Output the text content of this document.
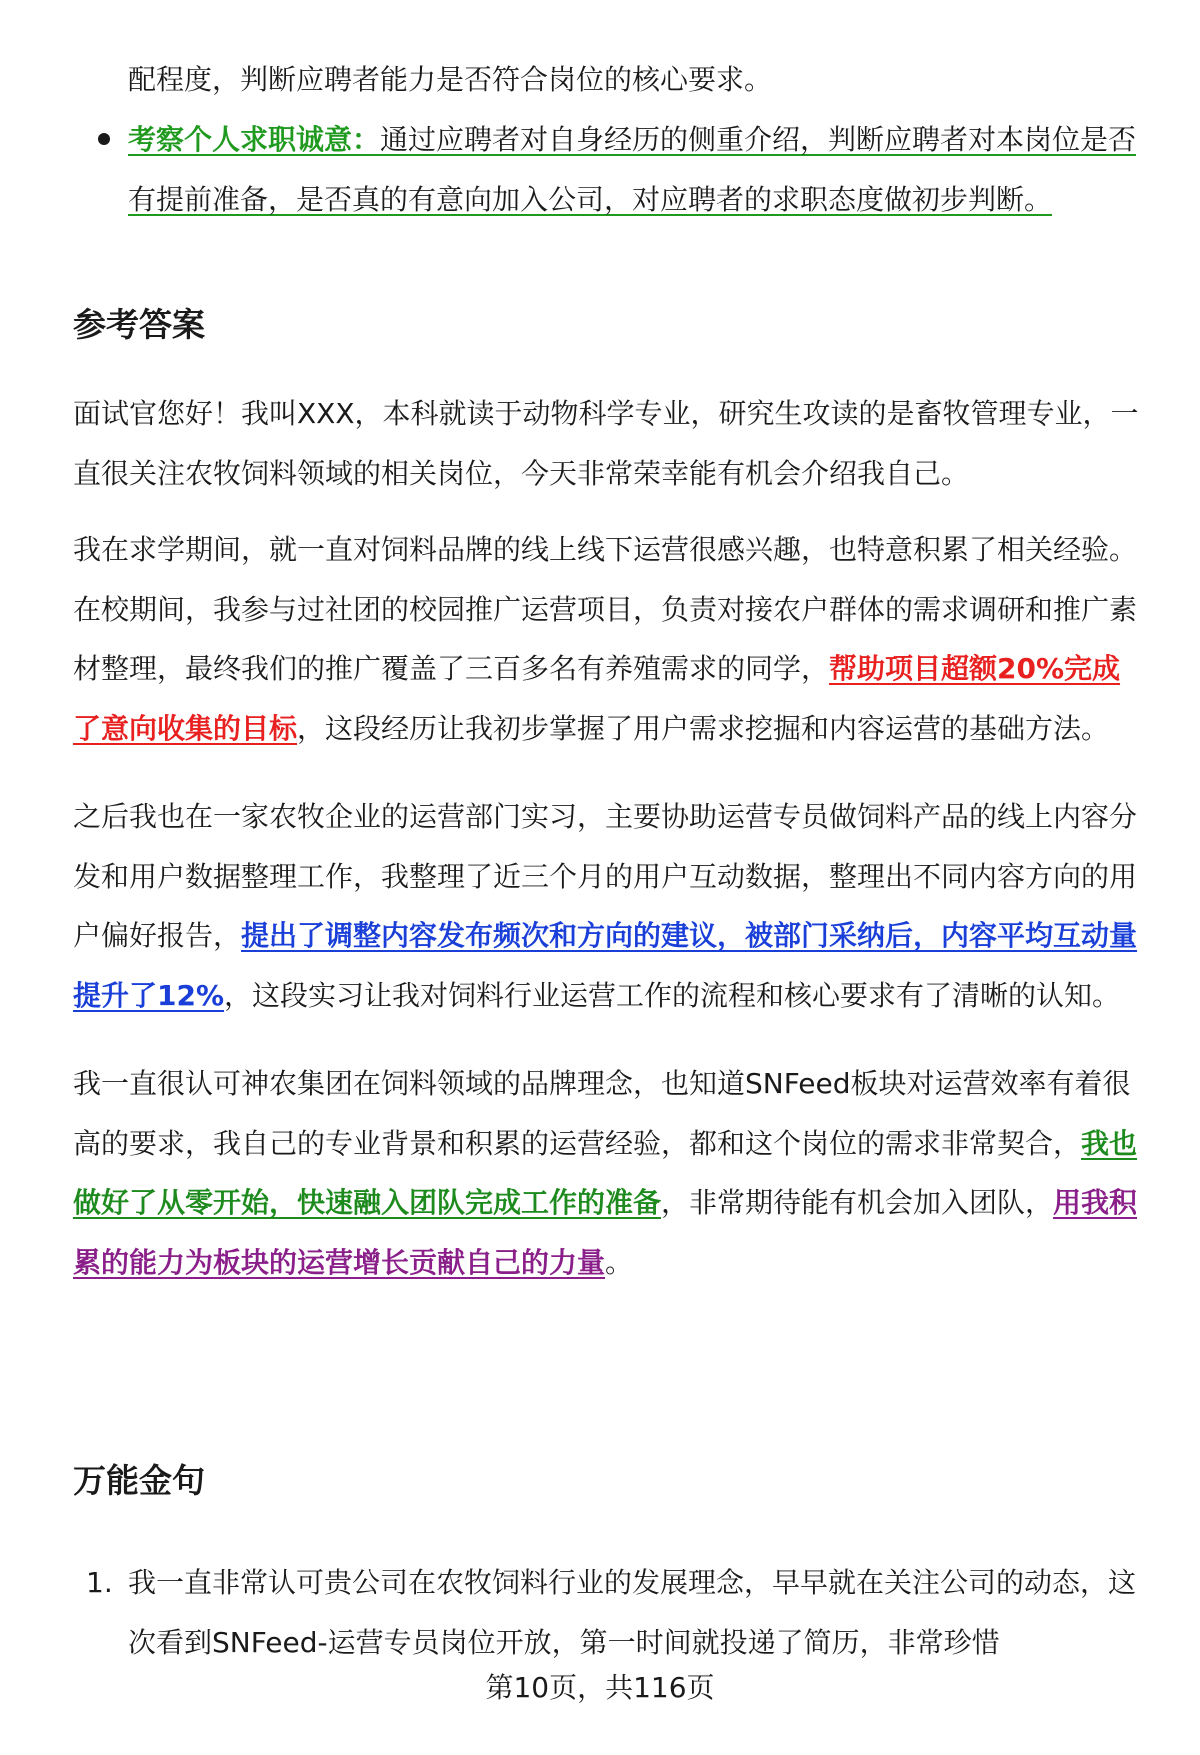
配程度，判断应聘者能力是否符合岗位的核心要求。

考察个人求职诚意：通过应聘者对自身经历的侧重介绍，判断应聘者对本岗位是否有提前准备，是否真的有意向加入公司，对应聘者的求职态度做初步判断。
参考答案

面试官您好！我叫XXX，本科就读于动物科学专业，研究生攻读的是畜牧管理专业，一直很关注农牧饲料领域的相关岗位，今天非常荣幸能有机会介绍我自己。

我在求学期间，就一直对饲料品牌的线上线下运营很感兴趣，也特意积累了相关经验。在校期间，我参与过社团的校园推广运营项目，负责对接农户群体的需求调研和推广素材整理，最终我们的推广覆盖了三百多名有养殖需求的同学，帮助项目超额20%完成了意向收集的目标，这段经历让我初步掌握了用户需求挖掘和内容运营的基础方法。

之后我也在一家农牧企业的运营部门实习，主要协助运营专员做饲料产品的线上内容分发和用户数据整理工作，我整理了近三个月的用户互动数据，整理出不同内容方向的用户偏好报告，提出了调整内容发布频次和方向的建议，被部门采纳后，内容平均互动量提升了12%，这段实习让我对饲料行业运营工作的流程和核心要求有了清晰的认知。

我一直很认可神农集团在饲料领域的品牌理念，也知道SNFeed板块对运营效率有着很高的要求，我自己的专业背景和积累的运营经验，都和这个岗位的需求非常契合，我也做好了从零开始，快速融入团队完成工作的准备，非常期待能有机会加入团队，用我积累的能力为板块的运营增长贡献自己的力量。

万能金句
1. 我一直非常认可贵公司在农牧饲料行业的发展理念，早早就在关注公司的动态，这次看到SNFeed-运营专员岗位开放，第一时间就投递了简历，非常珍惜
第10页，共116页
